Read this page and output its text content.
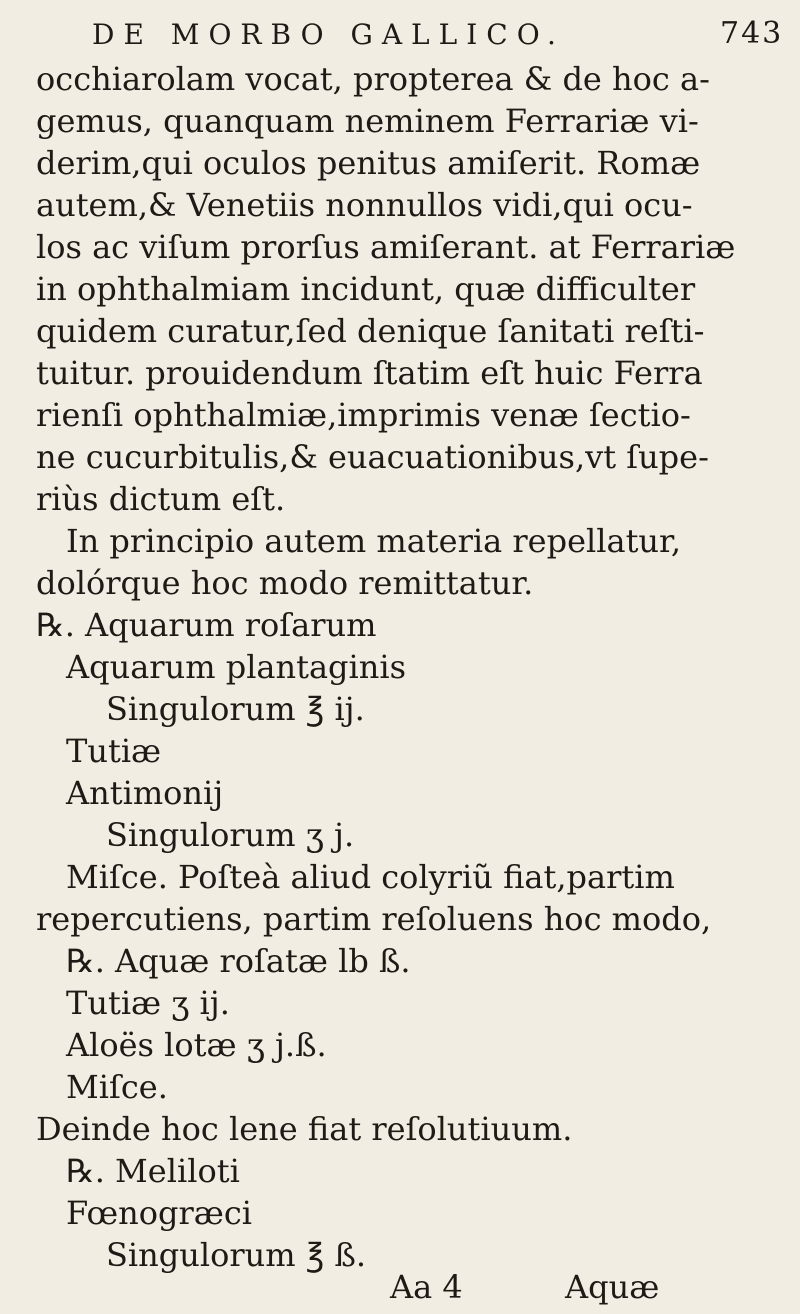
DE MORBO GALLICO.	743
occhiarolam vocat, propterea & de hoc a-
gemus, quanquam neminem Ferrariæ vi-
derim,qui oculos penitus amiſerit. Romæ
autem,& Venetiis nonnullos vidi,qui ocu-
los ac viſum prorſus amiſerant. at Ferrariæ
in ophthalmiam incidunt, quæ difficulter
quidem curatur,ſed denique ſanitati reſti-
tuitur. prouidendum ſtatim eſt huic Ferra
rienſi ophthalmiæ,imprimis venæ ſectio-
ne cucurbitulis,& euacuationibus,vt ſupe-
riùs dictum eſt.
In principio autem materia repellatur,
dolórque hoc modo remittatur.
℞. Aquarum roſarum
Aquarum plantaginis
Singulorum ℥ ij.
Tutiæ
Antimonij
Singulorum ʒ j.
Miſce. Poſteà aliud colyriũ fiat,partim
repercutiens, partim reſoluens hoc modo,
℞. Aquæ roſatæ lb ß.
Tutiæ ʒ ij.
Aloës lotæ ʒ j.ß.
Miſce.
Deinde hoc lene fiat reſolutiuum.
℞. Meliloti
Fœnogræci
Singulorum ℥ ß.
Aa 4	Aquæ
